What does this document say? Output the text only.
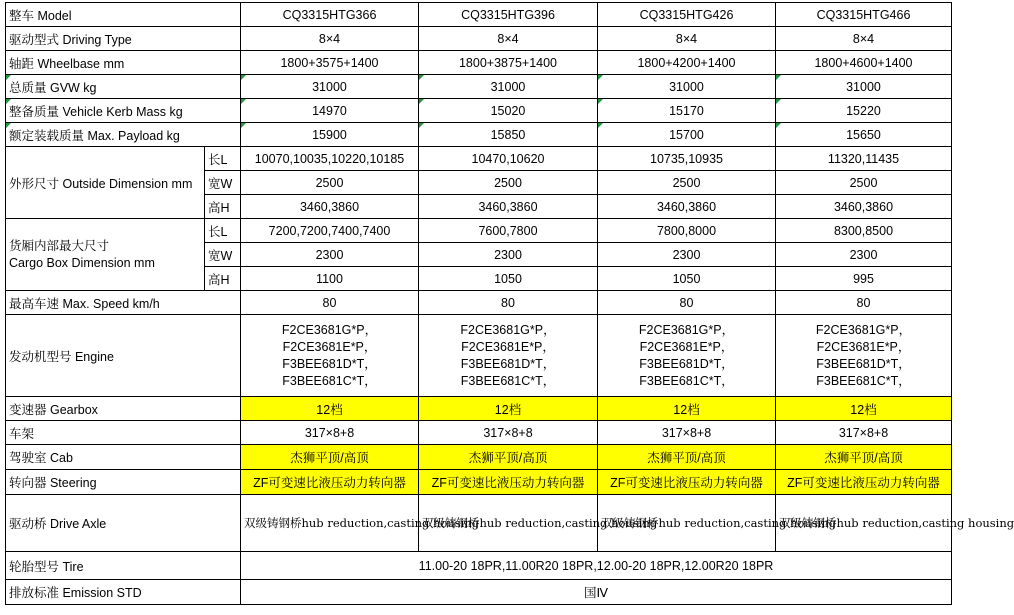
整车 Model		CQ3315HTG366	CQ3315HTG396	CQ3315HTG426	CQ3315HTG466
驱动型式 Driving Type		8×4	8×4	8×4	8×4
轴距 Wheelbase mm		1800+3575+1400	1800+3875+1400	1800+4200+1400	1800+4600+1400
总质量 GVW kg		31000	31000	31000	31000
整备质量 Vehicle Kerb Mass kg		14970	15020	15170	15220
额定装载质量 Max. Payload kg		15900	15850	15700	15650
外形尺寸 Outside Dimension mm	长L	10070,10035,10220,10185	10470,10620	10735,10935	11320,11435
	宽W	2500	2500	2500	2500
	高H	3460,3860	3460,3860	3460,3860	3460,3860

货厢内部最大尺寸
Cargo Box Dimension mm	长L	7200,7200,7400,7400	7600,7800	7800,8000	8300,8500
	宽W	2300	2300	2300	2300
	高H	1100	1050	1050	995
最高车速 Max. Speed km/h		80	80	80	80
发动机型号 Engine		F2CE3681G*P，
F2CE3681E*P，
F3BEE681D*T，
F3BEE681C*T，	F2CE3681G*P，
F2CE3681E*P，
F3BEE681D*T，
F3BEE681C*T，	F2CE3681G*P，
F2CE3681E*P，
F3BEE681D*T，
F3BEE681C*T，	F2CE3681G*P，
F2CE3681E*P，
F3BEE681D*T，
F3BEE681C*T，

变速器 Gearbox		12档	12档	12档	12档
车架		317×8+8	317×8+8	317×8+8	317×8+8
驾驶室 Cab		杰狮平顶/高顶	杰狮平顶/高顶	杰狮平顶/高顶	杰狮平顶/高顶
转向器 Steering		ZF可变速比液压动力转向器	ZF可变速比液压动力转向器	ZF可变速比液压动力转向器	ZF可变速比液压动力转向器
驱动桥 Drive Axle		双级铸钢桥hub reduction,casting housing	双级铸钢桥hub reduction,casting housing	双级铸钢桥hub reduction,casting housing	双级铸钢桥hub reduction,casting housing
轮胎型号 Tire		11.00-20 18PR,11.00R20 18PR,12.00-20 18PR,12.00R20 18PR			
排放标准 Emission STD		国Ⅳ			
